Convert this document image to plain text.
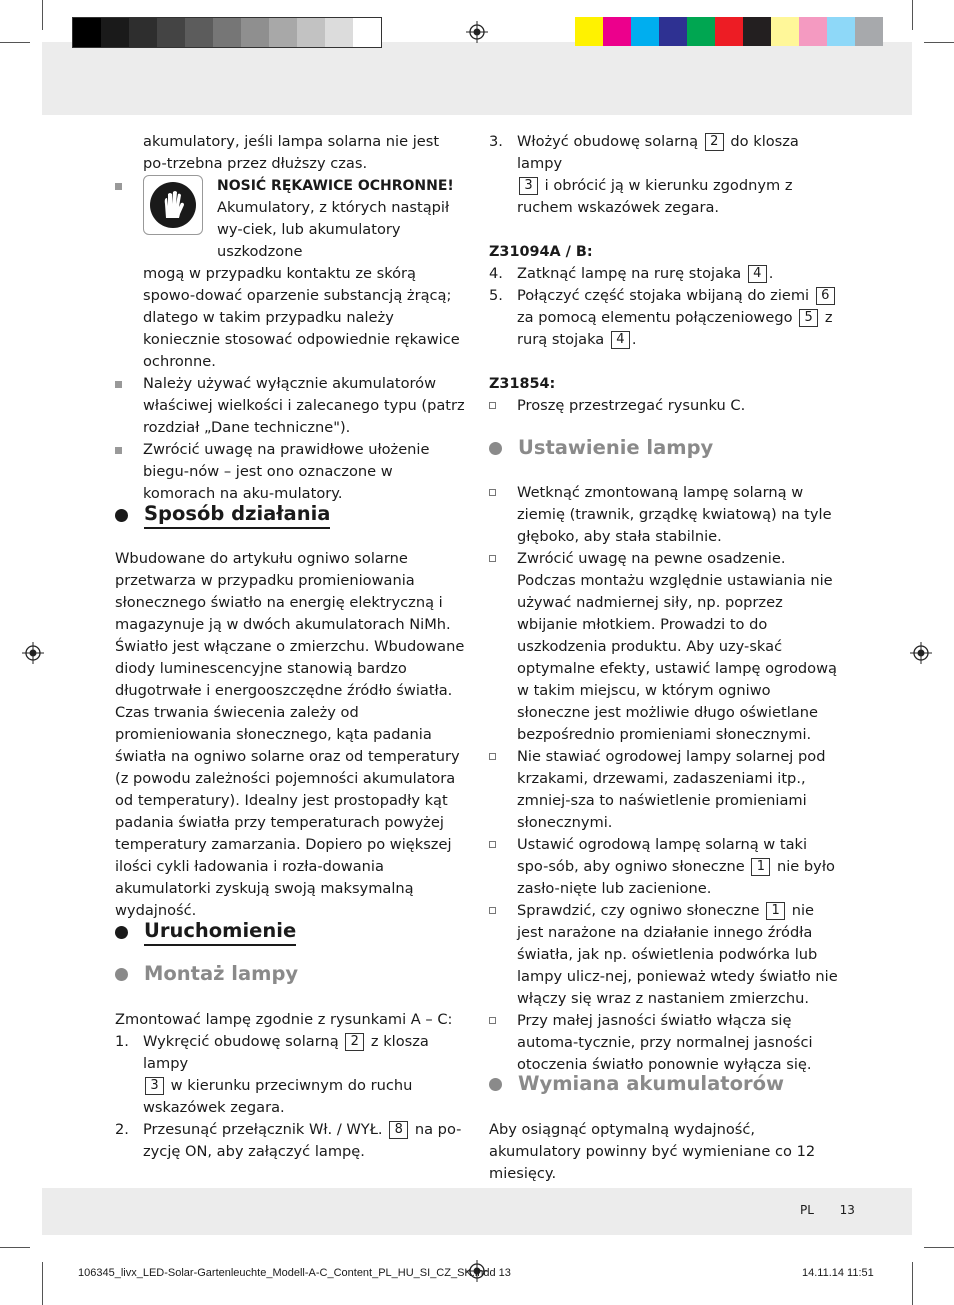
akumulatory, jeśli lampa solarna nie jest po-trzebna przez dłuższy czas.

NOSIĆ RĘKAWICE OCHRONNE!

Akumulatory, z których nastąpił wy-ciek, lub akumulatory uszkodzone

mogą w przypadku kontaktu ze skórą spowo-dować oparzenie substancją żrącą; dlatego w takim przypadku należy koniecznie stosować odpowiednie rękawice ochronne.

Należy używać wyłącznie akumulatorów właściwej wielkości i zalecanego typu (patrz rozdział „Dane techniczne").

Zwrócić uwagę na prawidłowe ułożenie biegu-nów – jest ono oznaczone w komorach na aku-mulatory.

Sposób działania

Wbudowane do artykułu ogniwo solarne przetwarza w przypadku promieniowania słonecznego światło na energię elektryczną i magazynuje ją w dwóch akumulatorach NiMh. Światło jest włączane o zmierzchu. Wbudowane diody luminescencyjne stanowią bardzo długotrwałe i energooszczędne źródło światła. Czas trwania świecenia zależy od promieniowania słonecznego, kąta padania światła na ogniwo solarne oraz od temperatury (z powodu zależności pojemności akumulatora od temperatury). Idealny jest prostopadły kąt padania światła przy temperaturach powyżej temperatury zamarzania. Dopiero po większej ilości cykli ładowania i rozła-dowania akumulatorki zyskują swoją maksymalną wydajność.

Uruchomienie
Montaż lampy

Zmontować lampę zgodnie z rysunkami A – C:

1. Wykręcić obudowę solarną 2 z klosza lampy
3 w kierunku przeciwnym do ruchu wskazówek zegara.

2. Przesunąć przełącznik Wł. / WYŁ. 8 na po-zycję ON, aby załączyć lampę.

3. Włożyć obudowę solarną 2 do klosza lampy
3 i obrócić ją w kierunku zgodnym z ruchem wskazówek zegara.

Z31094A / B:

4. Zatknąć lampę na rurę stojaka 4 .

5. Połączyć część stojaka wbijaną do ziemi 6
za pomocą elementu połączeniowego 5 z rurą stojaka 4 .

Z31854:

Proszę przestrzegać rysunku C.

Ustawienie lampy

Wetknąć zmontowaną lampę solarną w ziemię (trawnik, grządkę kwiatową) na tyle głęboko, aby stała stabilnie.

Zwrócić uwagę na pewne osadzenie. Podczas montażu względnie ustawiania nie używać nadmiernej siły, np. poprzez wbijanie młotkiem. Prowadzi to do uszkodzenia produktu. Aby uzy-skać optymalne efekty, ustawić lampę ogrodową w takim miejscu, w którym ogniwo słoneczne jest możliwie długo oświetlane bezpośrednio promieniami słonecznymi.

Nie stawiać ogrodowej lampy solarnej pod krzakami, drzewami, zadaszeniami itp., zmniej-sza to naświetlenie promieniami słonecznymi.

Ustawić ogrodową lampę solarną w taki spo-sób, aby ogniwo słoneczne 1 nie było zasło-nięte lub zacienione.

Sprawdzić, czy ogniwo słoneczne 1 nie jest narażone na działanie innego źródła światła, jak np. oświetlenia podwórka lub lampy ulicz-nej, ponieważ wtedy światło nie włączy się wraz z nastaniem zmierzchu.

Przy małej jasności światło włącza się automa-tycznie, przy normalnej jasności otoczenia światło ponownie wyłącza się.

Wymiana akumulatorów

Aby osiągnąć optymalną wydajność, akumulatory powinny być wymieniane co 12 miesięcy.

PL 13
106345_livx_LED-Solar-Gartenleuchte_Modell-A-C_Content_PL_HU_SI_CZ_SK.indd 13	14.11.14 11:51
